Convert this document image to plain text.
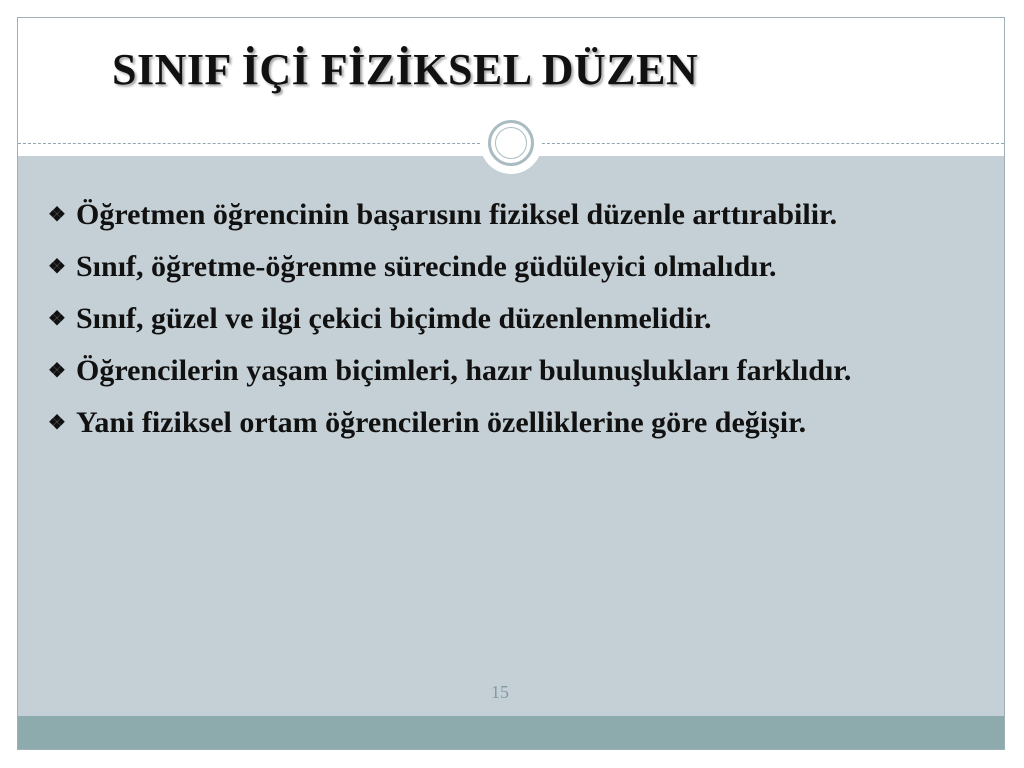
SINIF İÇİ FİZİKSEL DÜZEN
❖ Öğretmen öğrencinin başarısını fiziksel düzenle arttırabilir.
❖ Sınıf, öğretme-öğrenme sürecinde güdüleyici olmalıdır.
❖ Sınıf, güzel ve ilgi çekici biçimde düzenlenmelidir.
❖ Öğrencilerin yaşam biçimleri, hazır bulunuşlukları farklıdır.
❖ Yani fiziksel ortam öğrencilerin özelliklerine göre değişir.
15
